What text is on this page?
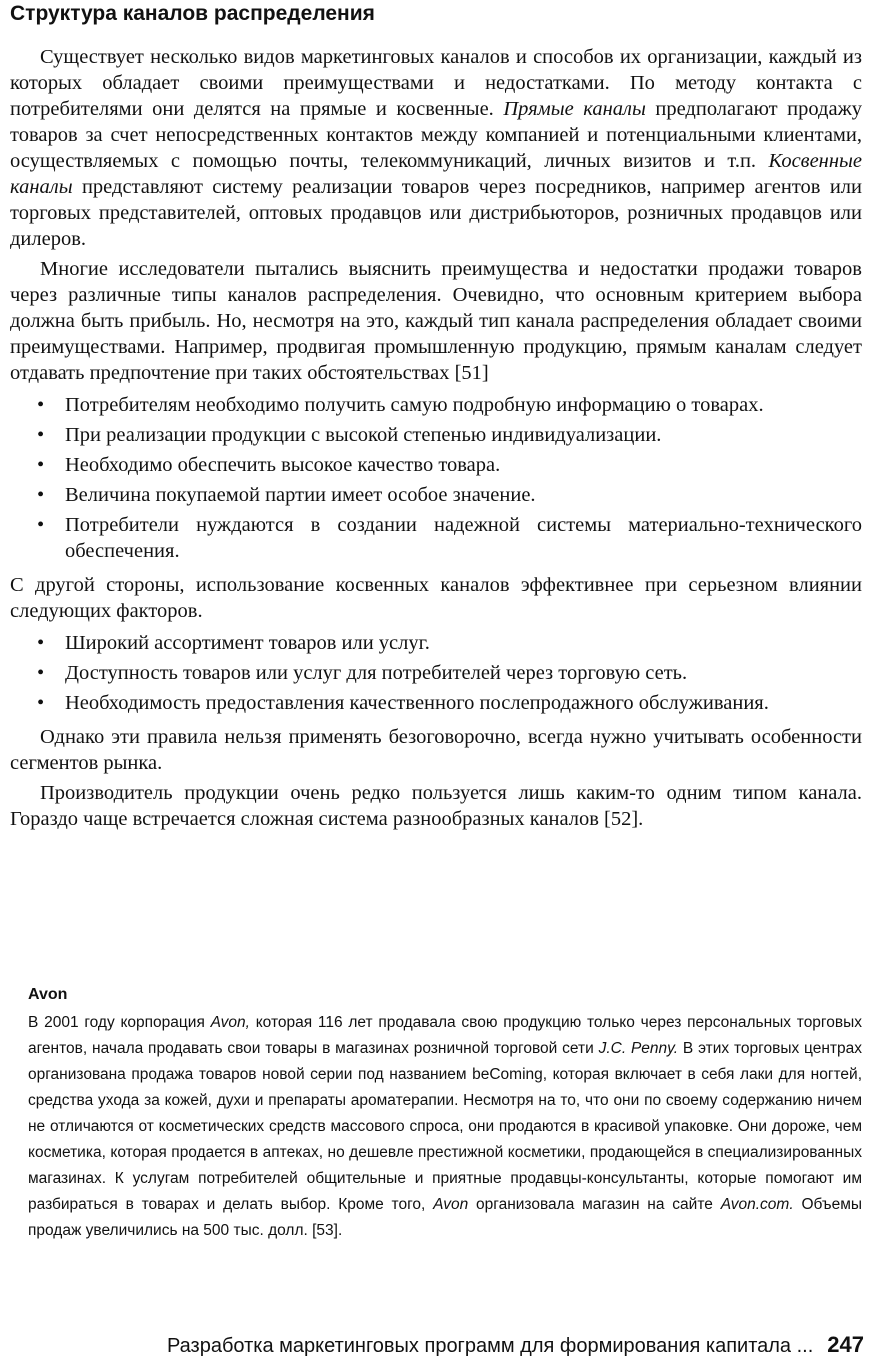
Структура каналов распределения

Существует несколько видов маркетинговых каналов и способов их организации, каждый из которых обладает своими преимуществами и недостатками. По методу контакта с потребителями они делятся на прямые и косвенные. Прямые каналы предполагают продажу товаров за счет непосредственных контактов между компанией и потенциальными клиентами, осуществляемых с помощью почты, телекоммуникаций, личных визитов и т.п. Косвенные каналы представляют систему реализации товаров через посредников, например агентов или торговых представителей, оптовых продавцов или дистрибьюторов, розничных продавцов или дилеров.

Многие исследователи пытались выяснить преимущества и недостатки продажи товаров через различные типы каналов распределения. Очевидно, что основным критерием выбора должна быть прибыль. Но, несмотря на это, каждый тип канала распределения обладает своими преимуществами. Например, продвигая промышленную продукцию, прямым каналам следует отдавать предпочтение при таких обстоятельствах [51]

• Потребителям необходимо получить самую подробную информацию о товарах.
• При реализации продукции с высокой степенью индивидуализации.
• Необходимо обеспечить высокое качество товара.
• Величина покупаемой партии имеет особое значение.
• Потребители нуждаются в создании надежной системы материально-технического обеспечения.

С другой стороны, использование косвенных каналов эффективнее при серьезном влиянии следующих факторов.

• Широкий ассортимент товаров или услуг.
• Доступность товаров или услуг для потребителей через торговую сеть.
• Необходимость предоставления качественного послепродажного обслуживания.

Однако эти правила нельзя применять безоговорочно, всегда нужно учитывать особенности сегментов рынка.

Производитель продукции очень редко пользуется лишь каким-то одним типом канала. Гораздо чаще встречается сложная система разнообразных каналов [52].

Avon

В 2001 году корпорация Avon, которая 116 лет продавала свою продукцию только через персональных торговых агентов, начала продавать свои товары в магазинах розничной торговой сети J.C. Penny. В этих торговых центрах организована продажа товаров новой серии под названием beComing, которая включает в себя лаки для ногтей, средства ухода за кожей, духи и препараты ароматерапии. Несмотря на то, что они по своему содержанию ничем не отличаются от косметических средств массового спроса, они продаются в красивой упаковке. Они дороже, чем косметика, которая продается в аптеках, но дешевле престижной косметики, продающейся в специализированных магазинах. К услугам потребителей общительные и приятные продавцы-консультанты, которые помогают им разбираться в товарах и делать выбор. Кроме того, Avon организовала магазин на сайте Avon.com. Объемы продаж увеличились на 500 тыс. долл. [53].

Разработка маркетинговых программ для формирования капитала ... 247
